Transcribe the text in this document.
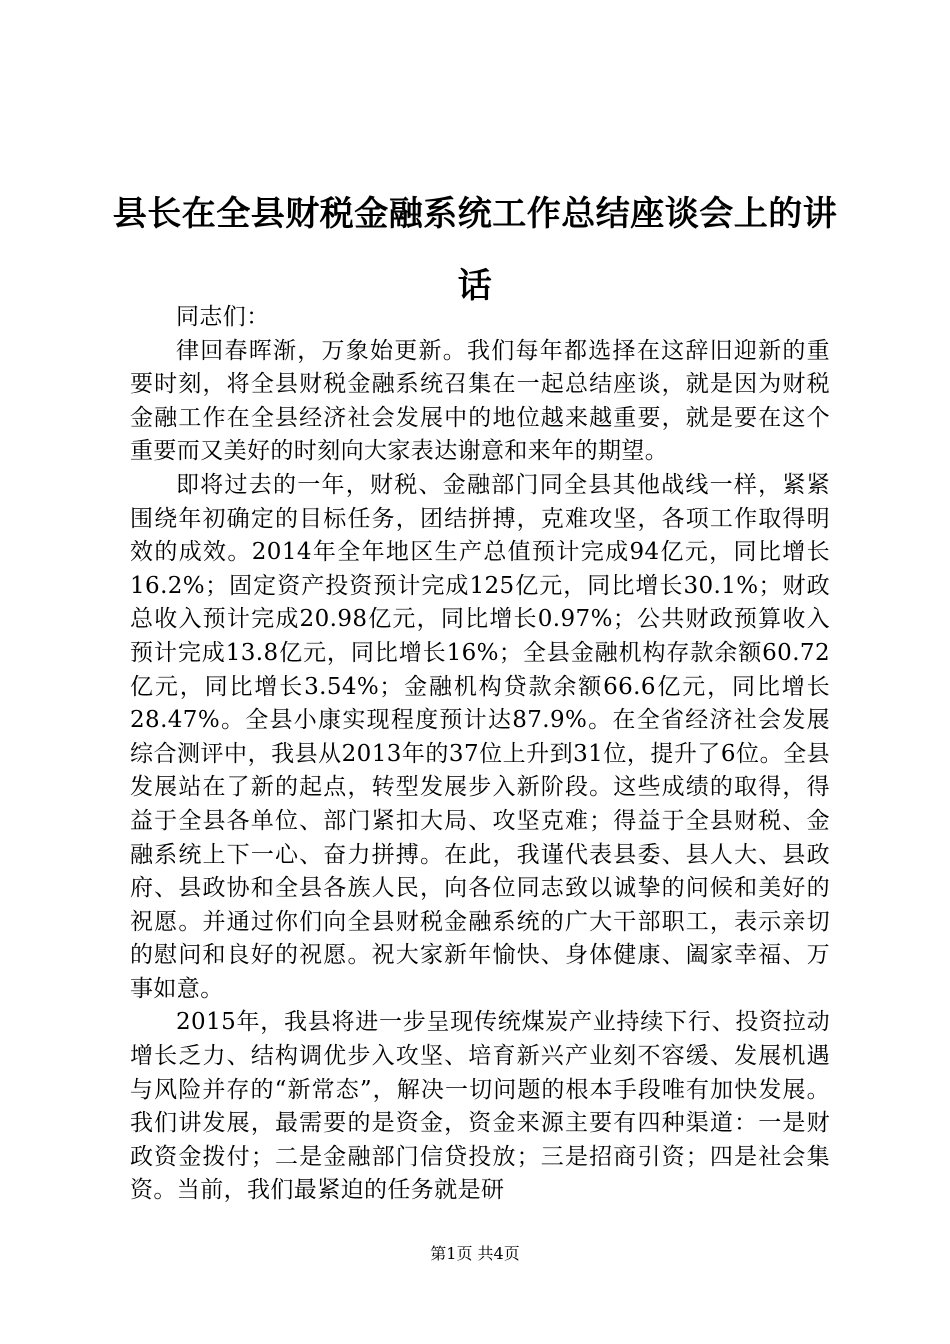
县长在全县财税金融系统工作总结座谈会上的讲话

同志们：

律回春晖渐，万象始更新。我们每年都选择在这辞旧迎新的重要时刻，将全县财税金融系统召集在一起总结座谈，就是因为财税金融工作在全县经济社会发展中的地位越来越重要，就是要在这个重要而又美好的时刻向大家表达谢意和来年的期望。

即将过去的一年，财税、金融部门同全县其他战线一样，紧紧围绕年初确定的目标任务，团结拼搏，克难攻坚，各项工作取得明效的成效。2014年全年地区生产总值预计完成94亿元，同比增长16.2%；固定资产投资预计完成125亿元，同比增长30.1%；财政总收入预计完成20.98亿元，同比增长0.97%；公共财政预算收入预计完成13.8亿元，同比增长16%；全县金融机构存款余额60.72亿元，同比增长3.54%；金融机构贷款余额66.6亿元，同比增长28.47%。全县小康实现程度预计达87.9%。在全省经济社会发展综合测评中，我县从2013年的37位上升到31位，提升了6位。全县发展站在了新的起点，转型发展步入新阶段。这些成绩的取得，得益于全县各单位、部门紧扣大局、攻坚克难；得益于全县财税、金融系统上下一心、奋力拼搏。在此，我谨代表县委、县人大、县政府、县政协和全县各族人民，向各位同志致以诚挚的问候和美好的祝愿。并通过你们向全县财税金融系统的广大干部职工，表示亲切的慰问和良好的祝愿。祝大家新年愉快、身体健康、阖家幸福、万事如意。

2015年，我县将进一步呈现传统煤炭产业持续下行、投资拉动增长乏力、结构调优步入攻坚、培育新兴产业刻不容缓、发展机遇与风险并存的“新常态”，解决一切问题的根本手段唯有加快发展。我们讲发展，最需要的是资金，资金来源主要有四种渠道：一是财政资金拨付；二是金融部门信贷投放；三是招商引资；四是社会集资。当前，我们最紧迫的任务就是研

第1页 共4页
